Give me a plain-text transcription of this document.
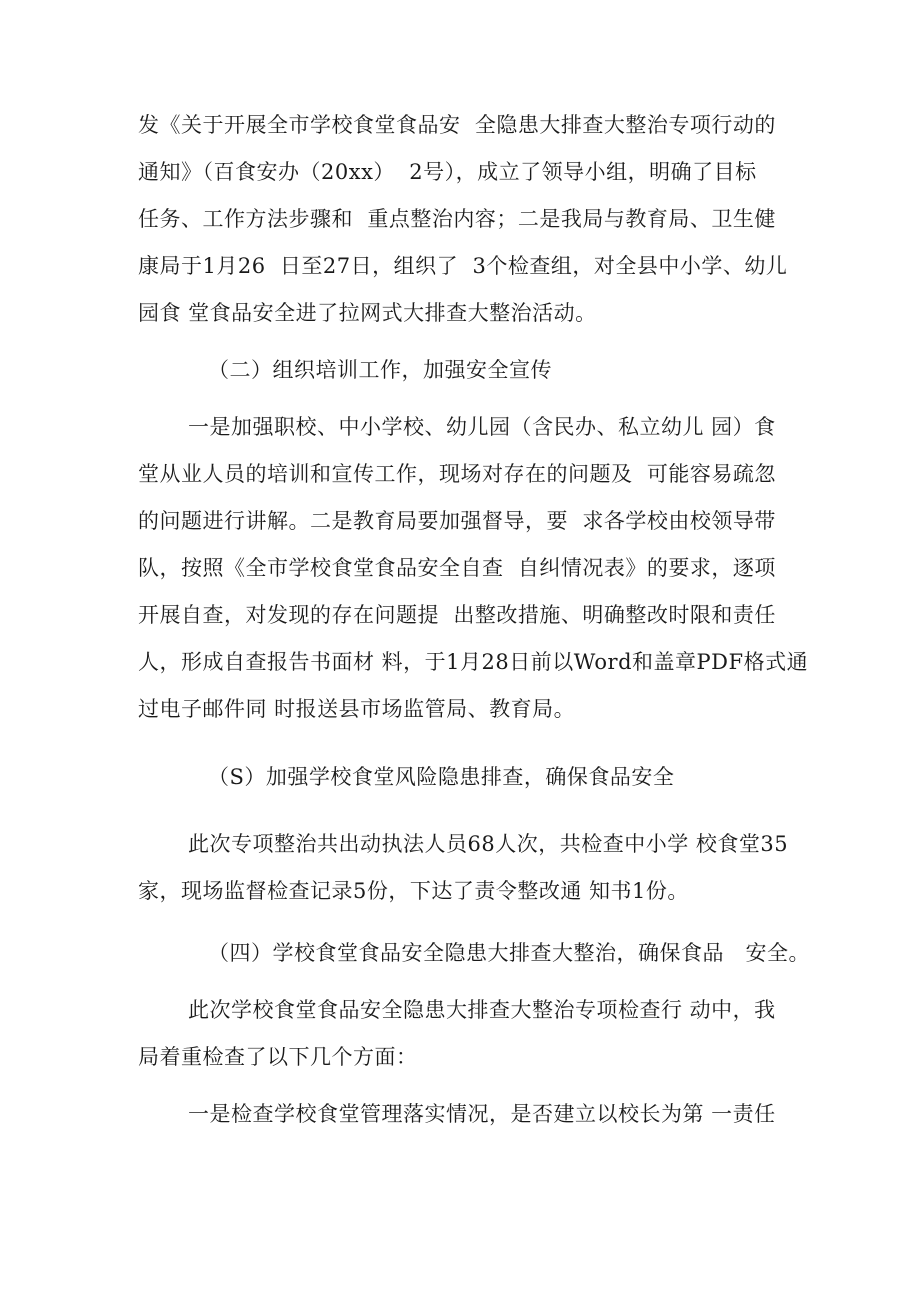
发《关于开展全市学校食堂食品安  全隐患大排查大整治专项行动的
通知》（百食安办（20xx）  2号），成立了领导小组，明确了目标
任务、工作方法步骤和  重点整治内容；二是我局与教育局、卫生健
康局于1月26  日至27日，组织了  3个检查组，对全县中小学、幼儿
园食 堂食品安全进了拉网式大排查大整治活动。
（二）组织培训工作，加强安全宣传
一是加强职校、中小学校、幼儿园（含民办、私立幼儿 园）食
堂从业人员的培训和宣传工作，现场对存在的问题及  可能容易疏忽
的问题进行讲解。二是教育局要加强督导，要  求各学校由校领导带
队，按照《全市学校食堂食品安全自查  自纠情况表》的要求，逐项
开展自查，对发现的存在问题提  出整改措施、明确整改时限和责任
人，形成自查报告书面材 料，于1月28日前以Word和盖章PDF格式通
过电子邮件同 时报送县市场监管局、教育局。
（S）加强学校食堂风险隐患排查，确保食品安全
此次专项整治共出动执法人员68人次，共检查中小学 校食堂35
家，现场监督检查记录5份，下达了责令整改通 知书1份。
（四）学校食堂食品安全隐患大排查大整治，确保食品   安全。
此次学校食堂食品安全隐患大排查大整治专项检查行 动中，我
局着重检查了以下几个方面：
一是检查学校食堂管理落实情况，是否建立以校长为第 一责任
